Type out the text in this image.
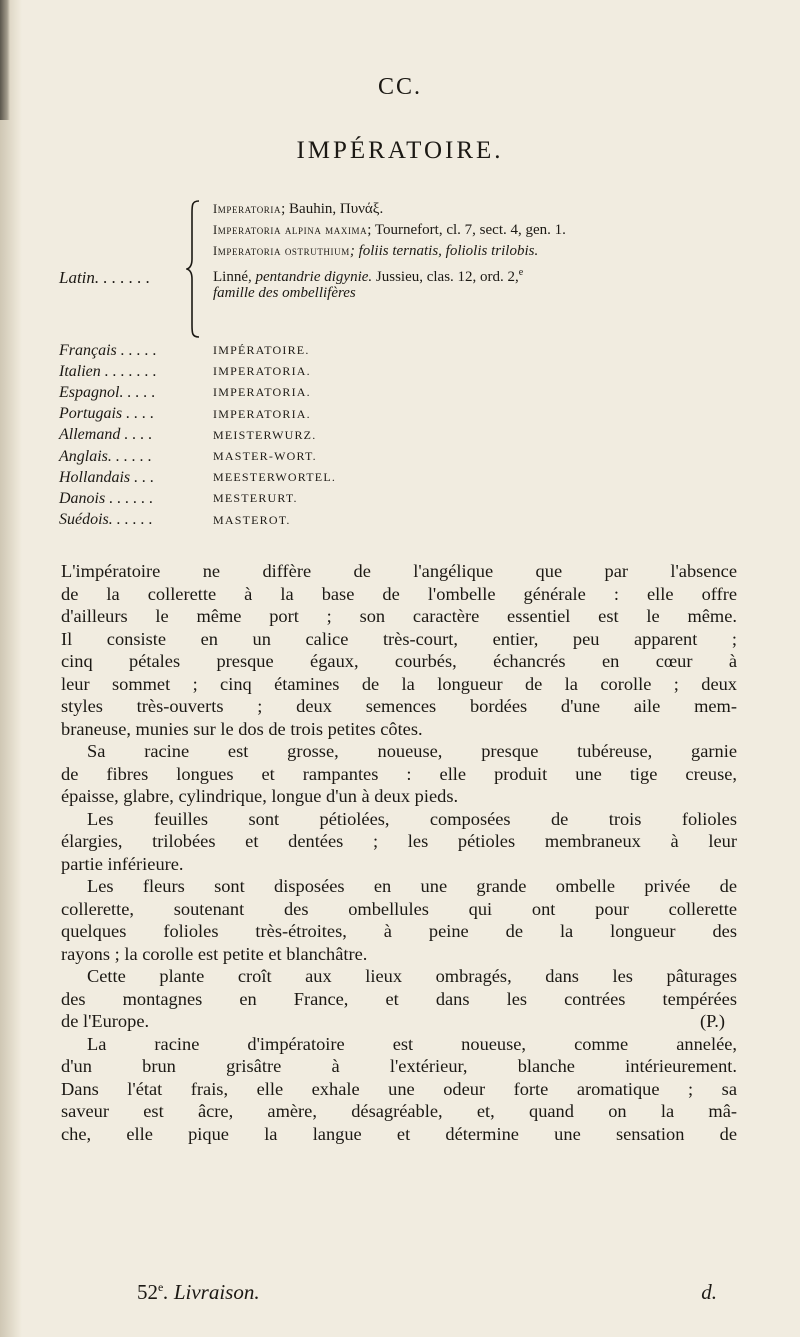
CC.
IMPÉRATOIRE.
Latin. . . . . . .
Imperatoria; Bauhin, Πυνάξ.
Imperatoria alpina maxima; Tournefort, cl. 7, sect. 4, gen. 1.
Imperatoria ostruthium; foliis ternatis, foliolis trilobis.
Linné, pentandrie digynie. Jussieu, clas. 12, ord. 2,$^e$
famille des ombellifères
Français . . . . .	IMPÉRATOIRE.
Italien . . . . . . .	IMPERATORIA.
Espagnol. . . . .	IMPERATORIA.
Portugais . . . .	IMPERATORIA.
Allemand . . . .	MEISTERWURZ.
Anglais. . . . . .	MASTER-WORT.
Hollandais . . .	MEESTERWORTEL.
Danois . . . . . .	MESTERURT.
Suédois. . . . . .	MASTEROT.

L'impératoire ne diffère de l'angélique que par l'absence

de la collerette à la base de l'ombelle générale : elle offre

d'ailleurs le même port ; son caractère essentiel est le même.

Il consiste en un calice très-court, entier, peu apparent ;

cinq pétales presque égaux, courbés, échancrés en cœur à

leur sommet ; cinq étamines de la longueur de la corolle ; deux

styles très-ouverts ; deux semences bordées d'une aile mem-

braneuse, munies sur le dos de trois petites côtes.

Sa racine est grosse, noueuse, presque tubéreuse, garnie

de fibres longues et rampantes : elle produit une tige creuse,

épaisse, glabre, cylindrique, longue d'un à deux pieds.

Les feuilles sont pétiolées, composées de trois folioles

élargies, trilobées et dentées ; les pétioles membraneux à leur

partie inférieure.

Les fleurs sont disposées en une grande ombelle privée de

collerette, soutenant des ombellules qui ont pour collerette

quelques folioles très-étroites, à peine de la longueur des

rayons ; la corolle est petite et blanchâtre.

Cette plante croît aux lieux ombragés, dans les pâturages

des montagnes en France, et dans les contrées tempérées

de l'Europe.	(P.)

La racine d'impératoire est noueuse, comme annelée,

d'un brun grisâtre à l'extérieur, blanche intérieurement.

Dans l'état frais, elle exhale une odeur forte aromatique ; sa

saveur est âcre, amère, désagréable, et, quand on la mâ-

che, elle pique la langue et détermine une sensation de

52e. Livraison.	d.
